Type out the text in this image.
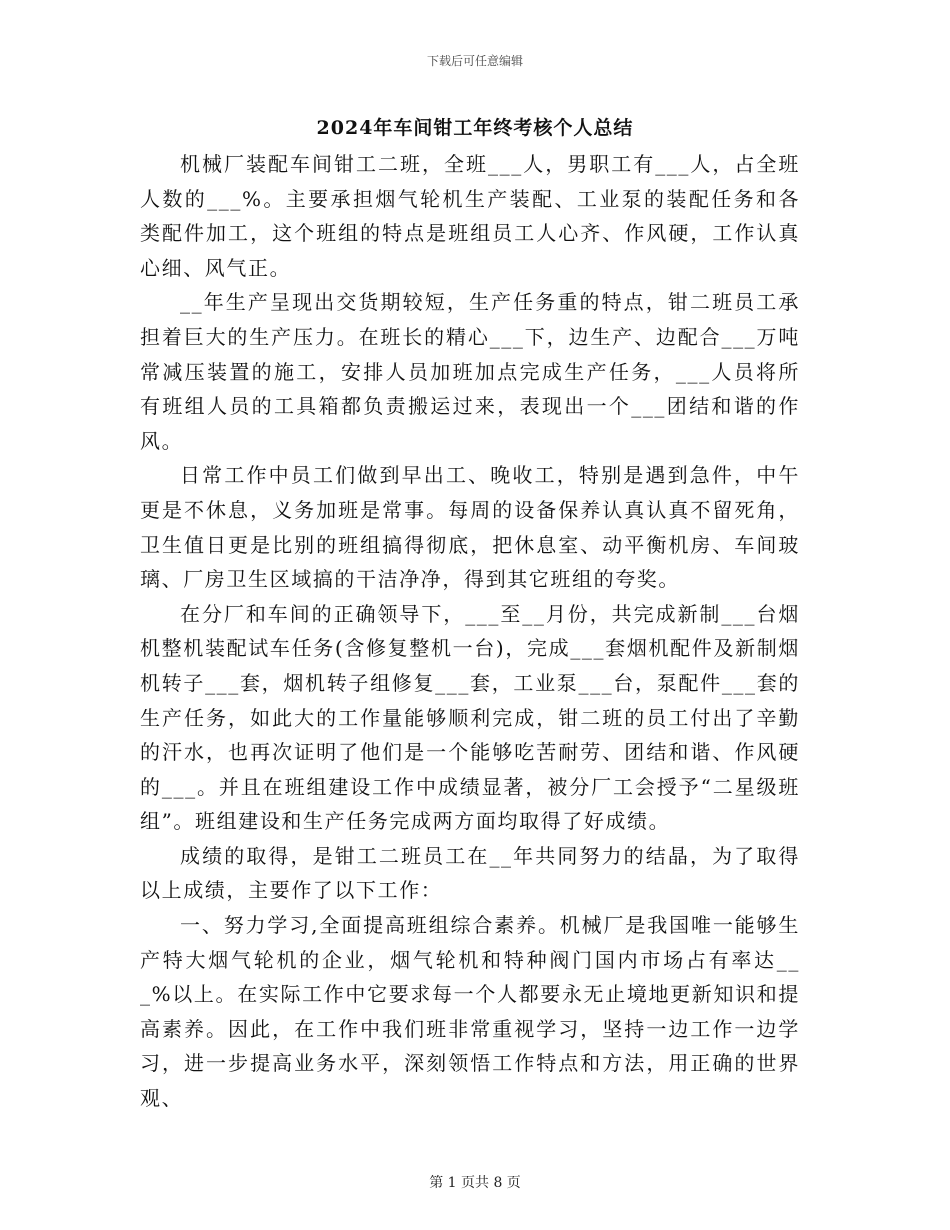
下载后可任意编辑
2024年车间钳工年终考核个人总结

机械厂装配车间钳工二班，全班___人，男职工有___人，占全班人数的___%。主要承担烟气轮机生产装配、工业泵的装配任务和各类配件加工，这个班组的特点是班组员工人心齐、作风硬，工作认真心细、风气正。

__年生产呈现出交货期较短，生产任务重的特点，钳二班员工承担着巨大的生产压力。在班长的精心___下，边生产、边配合___万吨常减压装置的施工，安排人员加班加点完成生产任务，___人员将所有班组人员的工具箱都负责搬运过来，表现出一个___团结和谐的作风。

日常工作中员工们做到早出工、晚收工，特别是遇到急件，中午更是不休息，义务加班是常事。每周的设备保养认真认真不留死角，卫生值日更是比别的班组搞得彻底，把休息室、动平衡机房、车间玻璃、厂房卫生区域搞的干洁净净，得到其它班组的夸奖。

在分厂和车间的正确领导下，___至__月份，共完成新制___台烟机整机装配试车任务(含修复整机一台)，完成___套烟机配件及新制烟机转子___套，烟机转子组修复___套，工业泵___台，泵配件___套的生产任务，如此大的工作量能够顺利完成，钳二班的员工付出了辛勤的汗水，也再次证明了他们是一个能够吃苦耐劳、团结和谐、作风硬的___。并且在班组建设工作中成绩显著，被分厂工会授予“二星级班组”。班组建设和生产任务完成两方面均取得了好成绩。

成绩的取得，是钳工二班员工在__年共同努力的结晶，为了取得以上成绩，主要作了以下工作：

一、努力学习,全面提高班组综合素养。机械厂是我国唯一能够生产特大烟气轮机的企业，烟气轮机和特种阀门国内市场占有率达___%以上。在实际工作中它要求每一个人都要永无止境地更新知识和提高素养。因此，在工作中我们班非常重视学习，坚持一边工作一边学习，进一步提高业务水平，深刻领悟工作特点和方法，用正确的世界观、

第 1 页共 8 页
